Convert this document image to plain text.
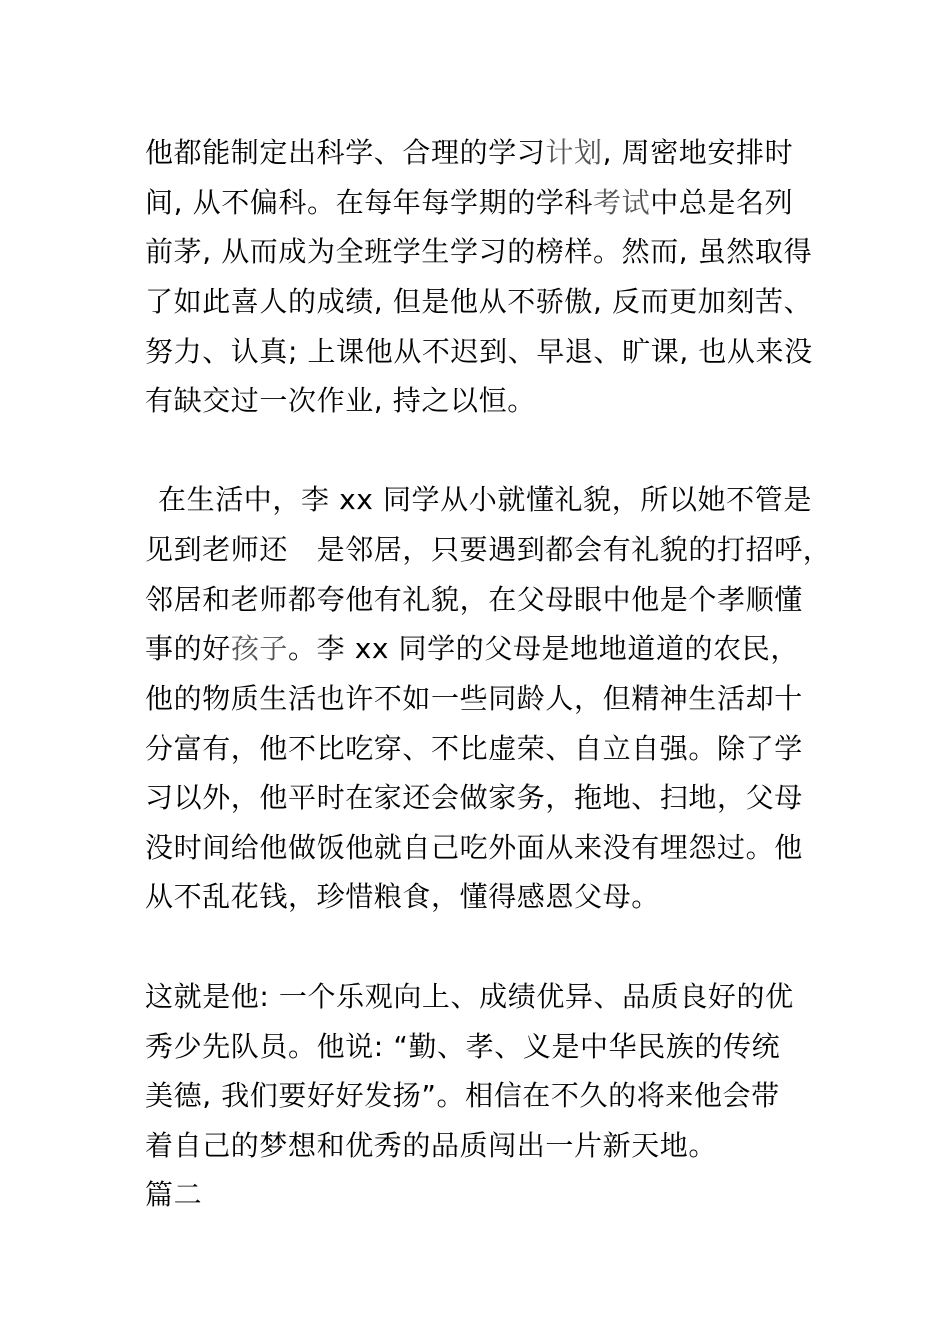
他都能制定出科学、合理的学习计划, 周密地安排时
间, 从不偏科。在每年每学期的学科考试中总是名列
前茅, 从而成为全班学生学习的榜样。然而, 虽然取得
了如此喜人的成绩, 但是他从不骄傲, 反而更加刻苦、
努力、认真; 上课他从不迟到、早退、旷课, 也从来没
有缺交过一次作业, 持之以恒。
在生活中，李 xx 同学从小就懂礼貌，所以她不管是
见到老师还　是邻居，只要遇到都会有礼貌的打招呼，
邻居和老师都夸他有礼貌，在父母眼中他是个孝顺懂
事的好孩子。李 xx 同学的父母是地地道道的农民，
他的物质生活也许不如一些同龄人，但精神生活却十
分富有，他不比吃穿、不比虚荣、自立自强。除了学
习以外，他平时在家还会做家务，拖地、扫地，父母
没时间给他做饭他就自己吃外面从来没有埋怨过。他
从不乱花钱，珍惜粮食，懂得感恩父母。
这就是他: 一个乐观向上、成绩优异、品质良好的优
秀少先队员。他说: “勤、孝、义是中华民族的传统
美德, 我们要好好发扬”。相信在不久的将来他会带
着自己的梦想和优秀的品质闯出一片新天地。
篇二
